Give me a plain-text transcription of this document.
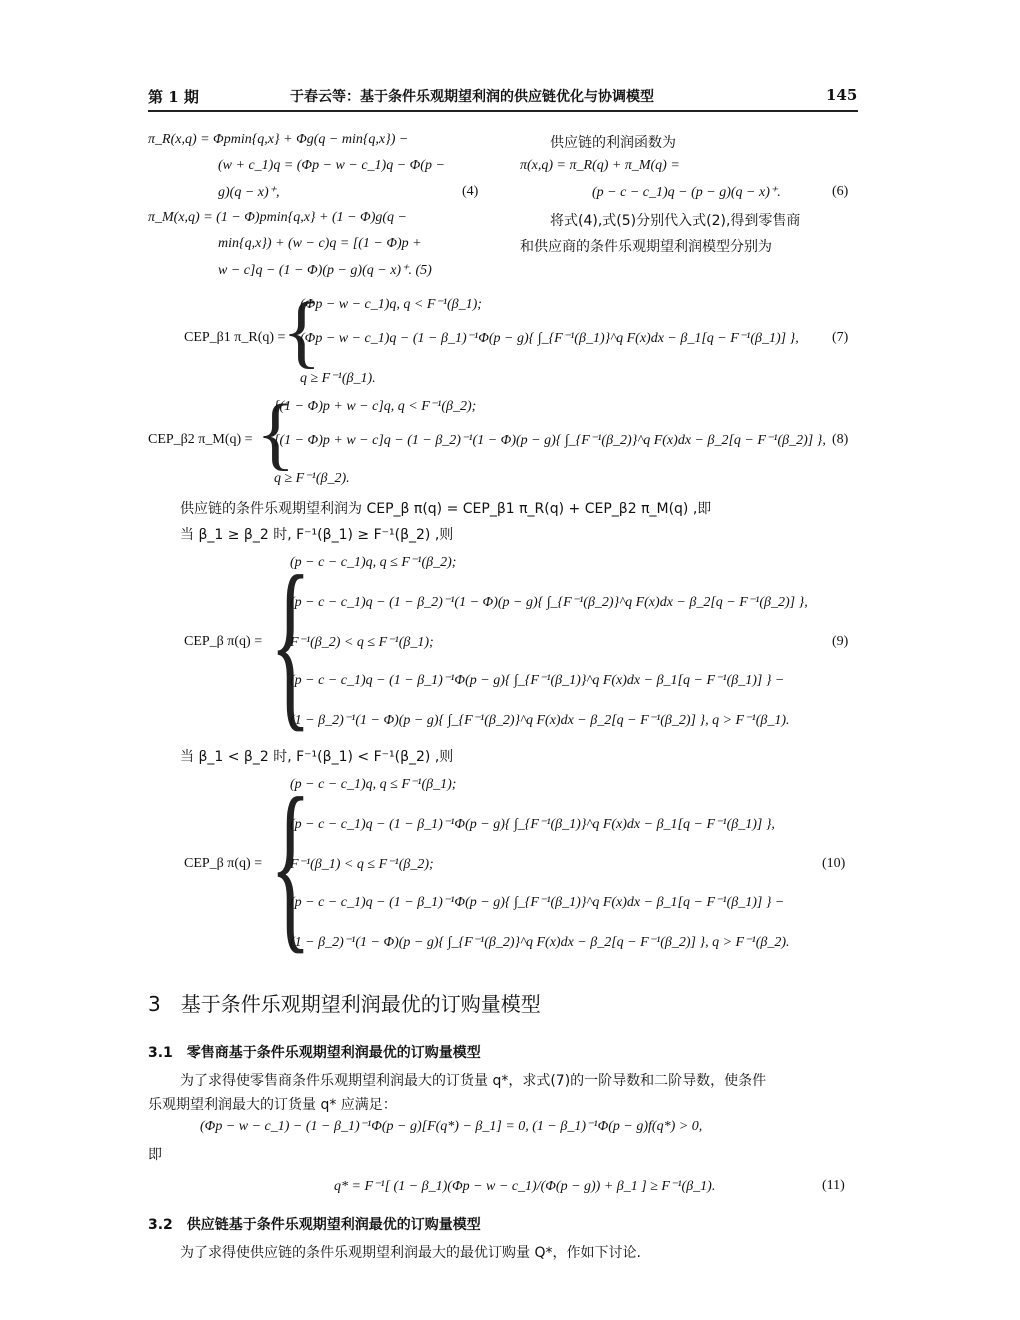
第 1 期	于春云等：基于条件乐观期望利润的供应链优化与协调模型	145
π_R(x,q) = Φpmin{q,x} + Φg(q − min{q,x}) −
(w + c_1)q = (Φp − w − c_1)q − Φ(p −
g)(q − x)⁺,	(4)
π_M(x,q) = (1 − Φ)pmin{q,x} + (1 − Φ)g(q −
min{q,x}) + (w − c)q = [(1 − Φ)p +
w − c]q − (1 − Φ)(p − g)(q − x)⁺. (5)
供应链的利润函数为
π(x,q) = π_R(q) + π_M(q) =
(p − c − c_1)q − (p − g)(q − x)⁺.	(6)
将式(4),式(5)分别代入式(2),得到零售商
和供应商的条件乐观期望利润模型分别为
CEP_β1 π_R(q) =
{
(Φp − w − c_1)q, q < F⁻¹(β_1);
(Φp − w − c_1)q − (1 − β_1)⁻¹Φ(p − g){ ∫_{F⁻¹(β_1)}^q F(x)dx − β_1[q − F⁻¹(β_1)] },
q ≥ F⁻¹(β_1).
(7)
CEP_β2 π_M(q) = {
[(1 − Φ)p + w − c]q, q < F⁻¹(β_2);
[(1 − Φ)p + w − c]q − (1 − β_2)⁻¹(1 − Φ)(p − g){ ∫_{F⁻¹(β_2)}^q F(x)dx − β_2[q − F⁻¹(β_2)] },
q ≥ F⁻¹(β_2).
(8)
供应链的条件乐观期望利润为 CEP_β π(q) = CEP_β1 π_R(q) + CEP_β2 π_M(q) ,即
当 β_1 ≥ β_2 时, F⁻¹(β_1) ≥ F⁻¹(β_2) ,则
CEP_β π(q) = {
(p − c − c_1)q, q ≤ F⁻¹(β_2);
(p − c − c_1)q − (1 − β_2)⁻¹(1 − Φ)(p − g){ ∫_{F⁻¹(β_2)}^q F(x)dx − β_2[q − F⁻¹(β_2)] },
F⁻¹(β_2) < q ≤ F⁻¹(β_1);
(p − c − c_1)q − (1 − β_1)⁻¹Φ(p − g){ ∫_{F⁻¹(β_1)}^q F(x)dx − β_1[q − F⁻¹(β_1)] } −
(1 − β_2)⁻¹(1 − Φ)(p − g){ ∫_{F⁻¹(β_2)}^q F(x)dx − β_2[q − F⁻¹(β_2)] }, q > F⁻¹(β_1).
(9)
当 β_1 < β_2 时, F⁻¹(β_1) < F⁻¹(β_2) ,则
CEP_β π(q) = {
(p − c − c_1)q, q ≤ F⁻¹(β_1);
(p − c − c_1)q − (1 − β_1)⁻¹Φ(p − g){ ∫_{F⁻¹(β_1)}^q F(x)dx − β_1[q − F⁻¹(β_1)] },
F⁻¹(β_1) < q ≤ F⁻¹(β_2);
(p − c − c_1)q − (1 − β_1)⁻¹Φ(p − g){ ∫_{F⁻¹(β_1)}^q F(x)dx − β_1[q − F⁻¹(β_1)] } −
(1 − β_2)⁻¹(1 − Φ)(p − g){ ∫_{F⁻¹(β_2)}^q F(x)dx − β_2[q − F⁻¹(β_2)] }, q > F⁻¹(β_2).
(10)
3　基于条件乐观期望利润最优的订购量模型
3.1　零售商基于条件乐观期望利润最优的订购量模型
为了求得使零售商条件乐观期望利润最大的订货量 q*，求式(7)的一阶导数和二阶导数，使条件
乐观期望利润最大的订货量 q* 应满足：
(Φp − w − c_1) − (1 − β_1)⁻¹Φ(p − g)[F(q*) − β_1] = 0, (1 − β_1)⁻¹Φ(p − g)f(q*) > 0,
即
q* = F⁻¹[ (1 − β_1)(Φp − w − c_1)/(Φ(p − g)) + β_1 ] ≥ F⁻¹(β_1).	(11)
3.2　供应链基于条件乐观期望利润最优的订购量模型
为了求得使供应链的条件乐观期望利润最大的最优订购量 Q*，作如下讨论.
